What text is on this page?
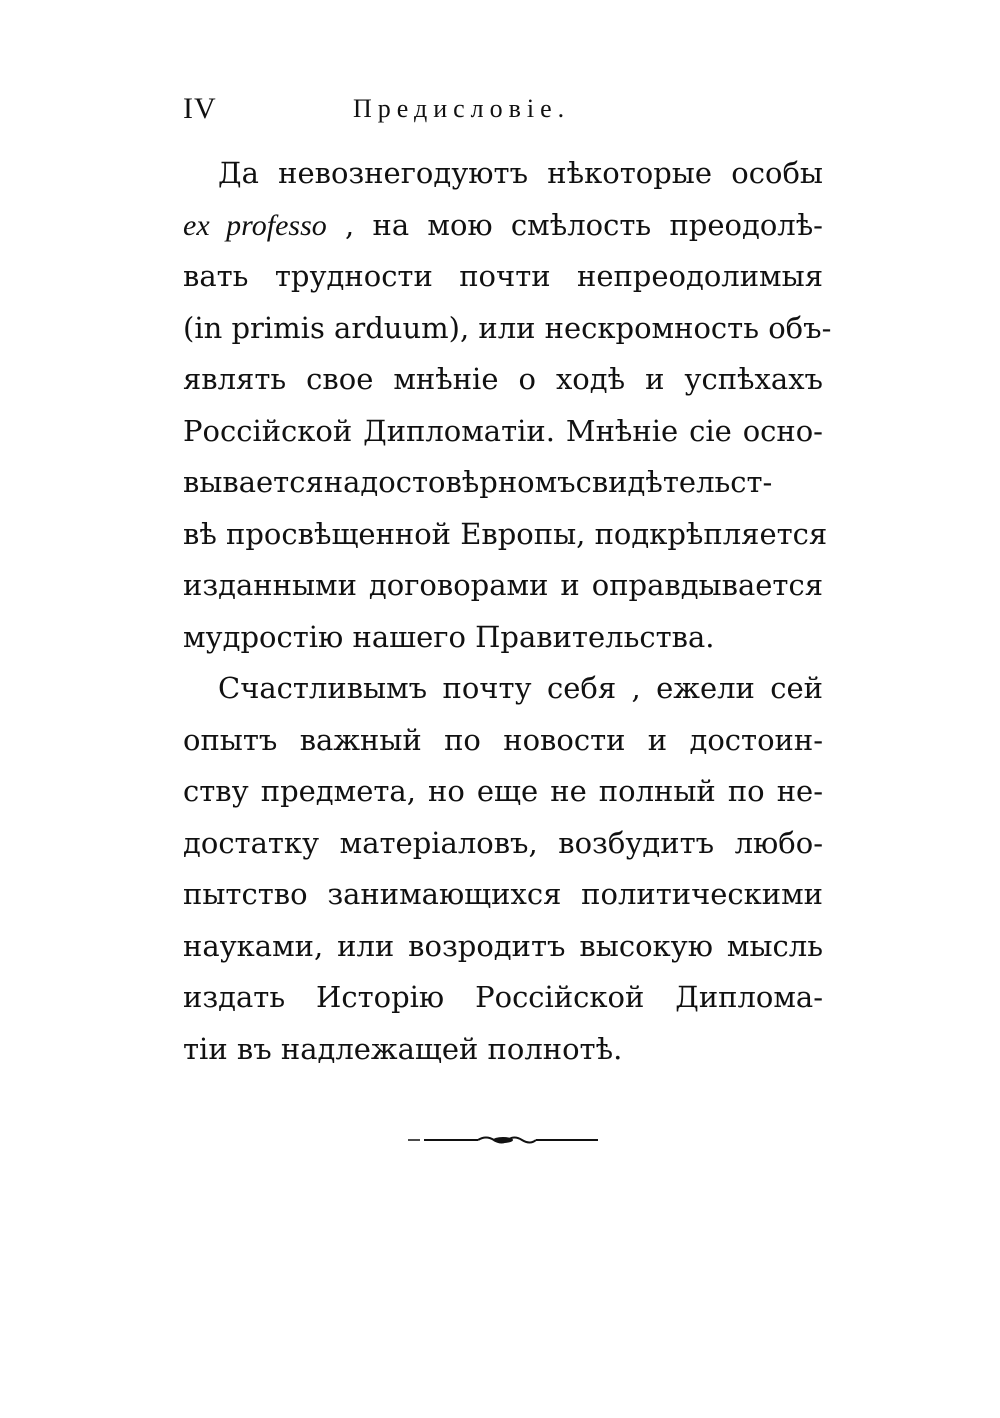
IV	Предисловіе.
Да невознегодуютъ нѣкоторые особы
ex professo , на мою смѣлость преодолѣ-
вать трудности почти непреодолимыя
(in primis arduum), или нескромность объ-
являть свое мнѣніе о ходѣ и успѣхахъ
Россійской Дипломатіи. Мнѣніе сіе осно-
вываетсянадостовѣрномъсвидѣтельст-
вѣ просвѣщенной Европы, подкрѣпляется
изданными договорами и оправдывается
мудростію нашего Правительства.
Счастливымъ почту себя , ежели сей
опытъ важный по новости и достоин-
ству предмета, но еще не полный по не-
достатку матеріаловъ, возбудитъ любо-
пытство занимающихся политическими
науками, или возродитъ высокую мысль
издать Исторію Россійской Диплома-
тіи въ надлежащей полнотѣ.
